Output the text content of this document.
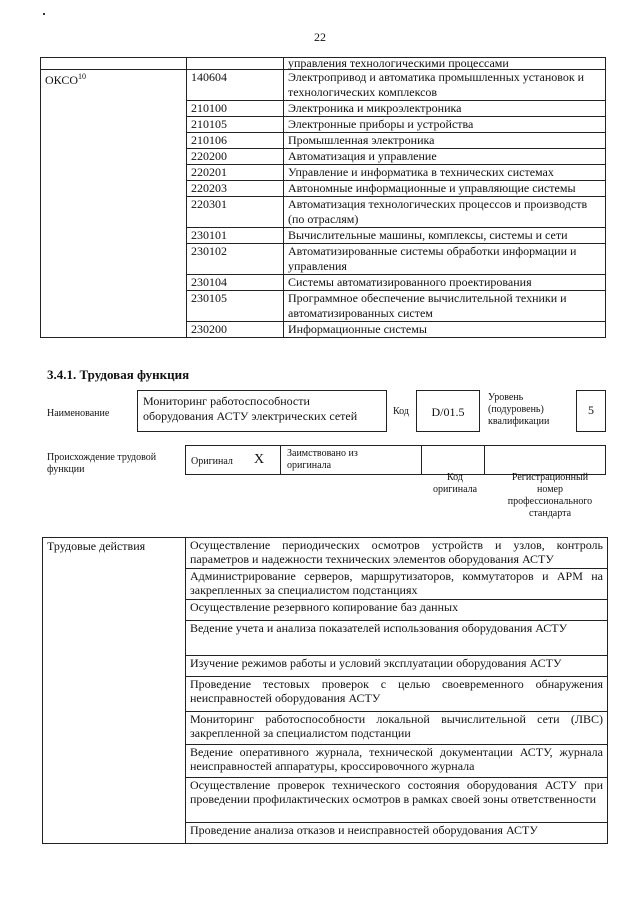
22
		управления технологическими процессами
ОКСО$^{10}$	140604	Электропривод и автоматика промышленных установок и технологических комплексов
	210100	Электроника и микроэлектроника
	210105	Электронные приборы и устройства
	210106	Промышленная электроника
	220200	Автоматизация и управление
	220201	Управление и информатика в технических системах
	220203	Автономные информационные и управляющие системы
	220301	Автоматизация технологических процессов и производств (по отраслям)
	230101	Вычислительные машины, комплексы, системы и сети
	230102	Автоматизированные системы обработки информации и управления
	230104	Системы автоматизированного проектирования
	230105	Программное обеспечение вычислительной техники и автоматизированных систем
	230200	Информационные системы
3.4.1. Трудовая функция
Наименование
Мониторинг работоспособности оборудования АСТУ электрических сетей	Код	D/01.5
Уровень (подуровень) квалификации
5
Происхождение трудовой функции
Оригинал X Заимствовано из оригинала
Код оригинала
Регистрационный номер профессионального стандарта
Трудовые действия	Осуществление периодических осмотров устройств и узлов, контроль параметров и надежности технических элементов оборудования АСТУ
Администрирование серверов, маршрутизаторов, коммутаторов и АРМ на закрепленных за специалистом подстанциях
Осуществление резервного копирование баз данных
Ведение учета и анализа показателей использования оборудования АСТУ
Изучение режимов работы и условий эксплуатации оборудования АСТУ
Проведение тестовых проверок с целью своевременного обнаружения неисправностей оборудования АСТУ
Мониторинг работоспособности локальной вычислительной сети (ЛВС) закрепленной за специалистом подстанции
Ведение оперативного журнала, технической документации АСТУ, журнала неисправностей аппаратуры, кроссировочного журнала
Осуществление проверок технического состояния оборудования АСТУ при проведении профилактических осмотров в рамках своей зоны ответственности
Проведение анализа отказов и неисправностей оборудования АСТУ
